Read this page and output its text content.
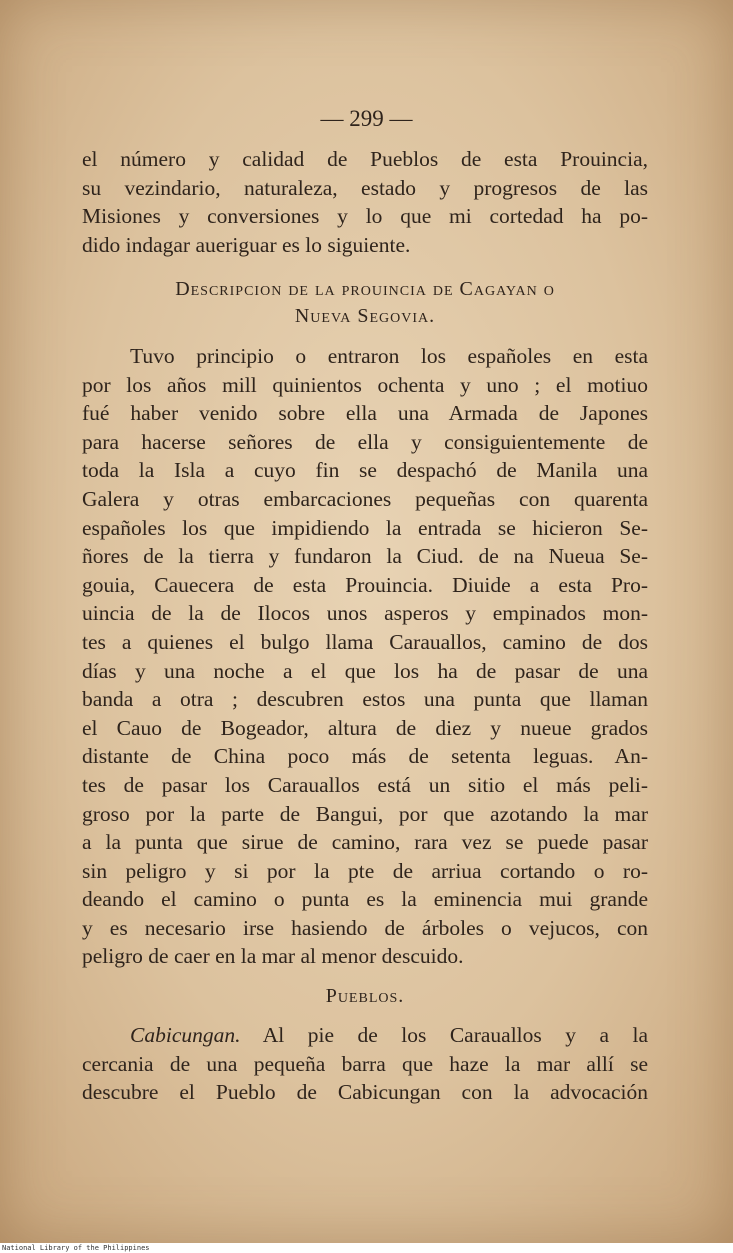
— 299 —
el número y calidad de Pueblos de esta Prouincia,
su vezindario, naturaleza, estado y progresos de las
Misiones y conversiones y lo que mi cortedad ha po-
dido indagar aueriguar es lo siguiente.
Descripcion de la prouincia de Cagayan o
Nueva Segovia.
Tuvo principio o entraron los españoles en esta
por los años mill quinientos ochenta y uno ; el motiuo
fué haber venido sobre ella una Armada de Japones
para hacerse señores de ella y consiguientemente de
toda la Isla a cuyo fin se despachó de Manila una
Galera y otras embarcaciones pequeñas con quarenta
españoles los que impidiendo la entrada se hicieron Se-
ñores de la tierra y fundaron la Ciud. de na Nueua Se-
gouia, Cauecera de esta Prouincia. Diuide a esta Pro-
uincia de la de Ilocos unos asperos y empinados mon-
tes a quienes el bulgo llama Carauallos, camino de dos
días y una noche a el que los ha de pasar de una
banda a otra ; descubren estos una punta que llaman
el Cauo de Bogeador, altura de diez y nueue grados
distante de China poco más de setenta leguas. An-
tes de pasar los Carauallos está un sitio el más peli-
groso por la parte de Bangui, por que azotando la mar
a la punta que sirue de camino, rara vez se puede pasar
sin peligro y si por la pte de arriua cortando o ro-
deando el camino o punta es la eminencia mui grande
y es necesario irse hasiendo de árboles o vejucos, con
peligro de caer en la mar al menor descuido.
Pueblos.
Cabicungan. Al pie de los Carauallos y a la
cercania de una pequeña barra que haze la mar allí se
descubre el Pueblo de Cabicungan con la advocación
National Library of the Philippines
